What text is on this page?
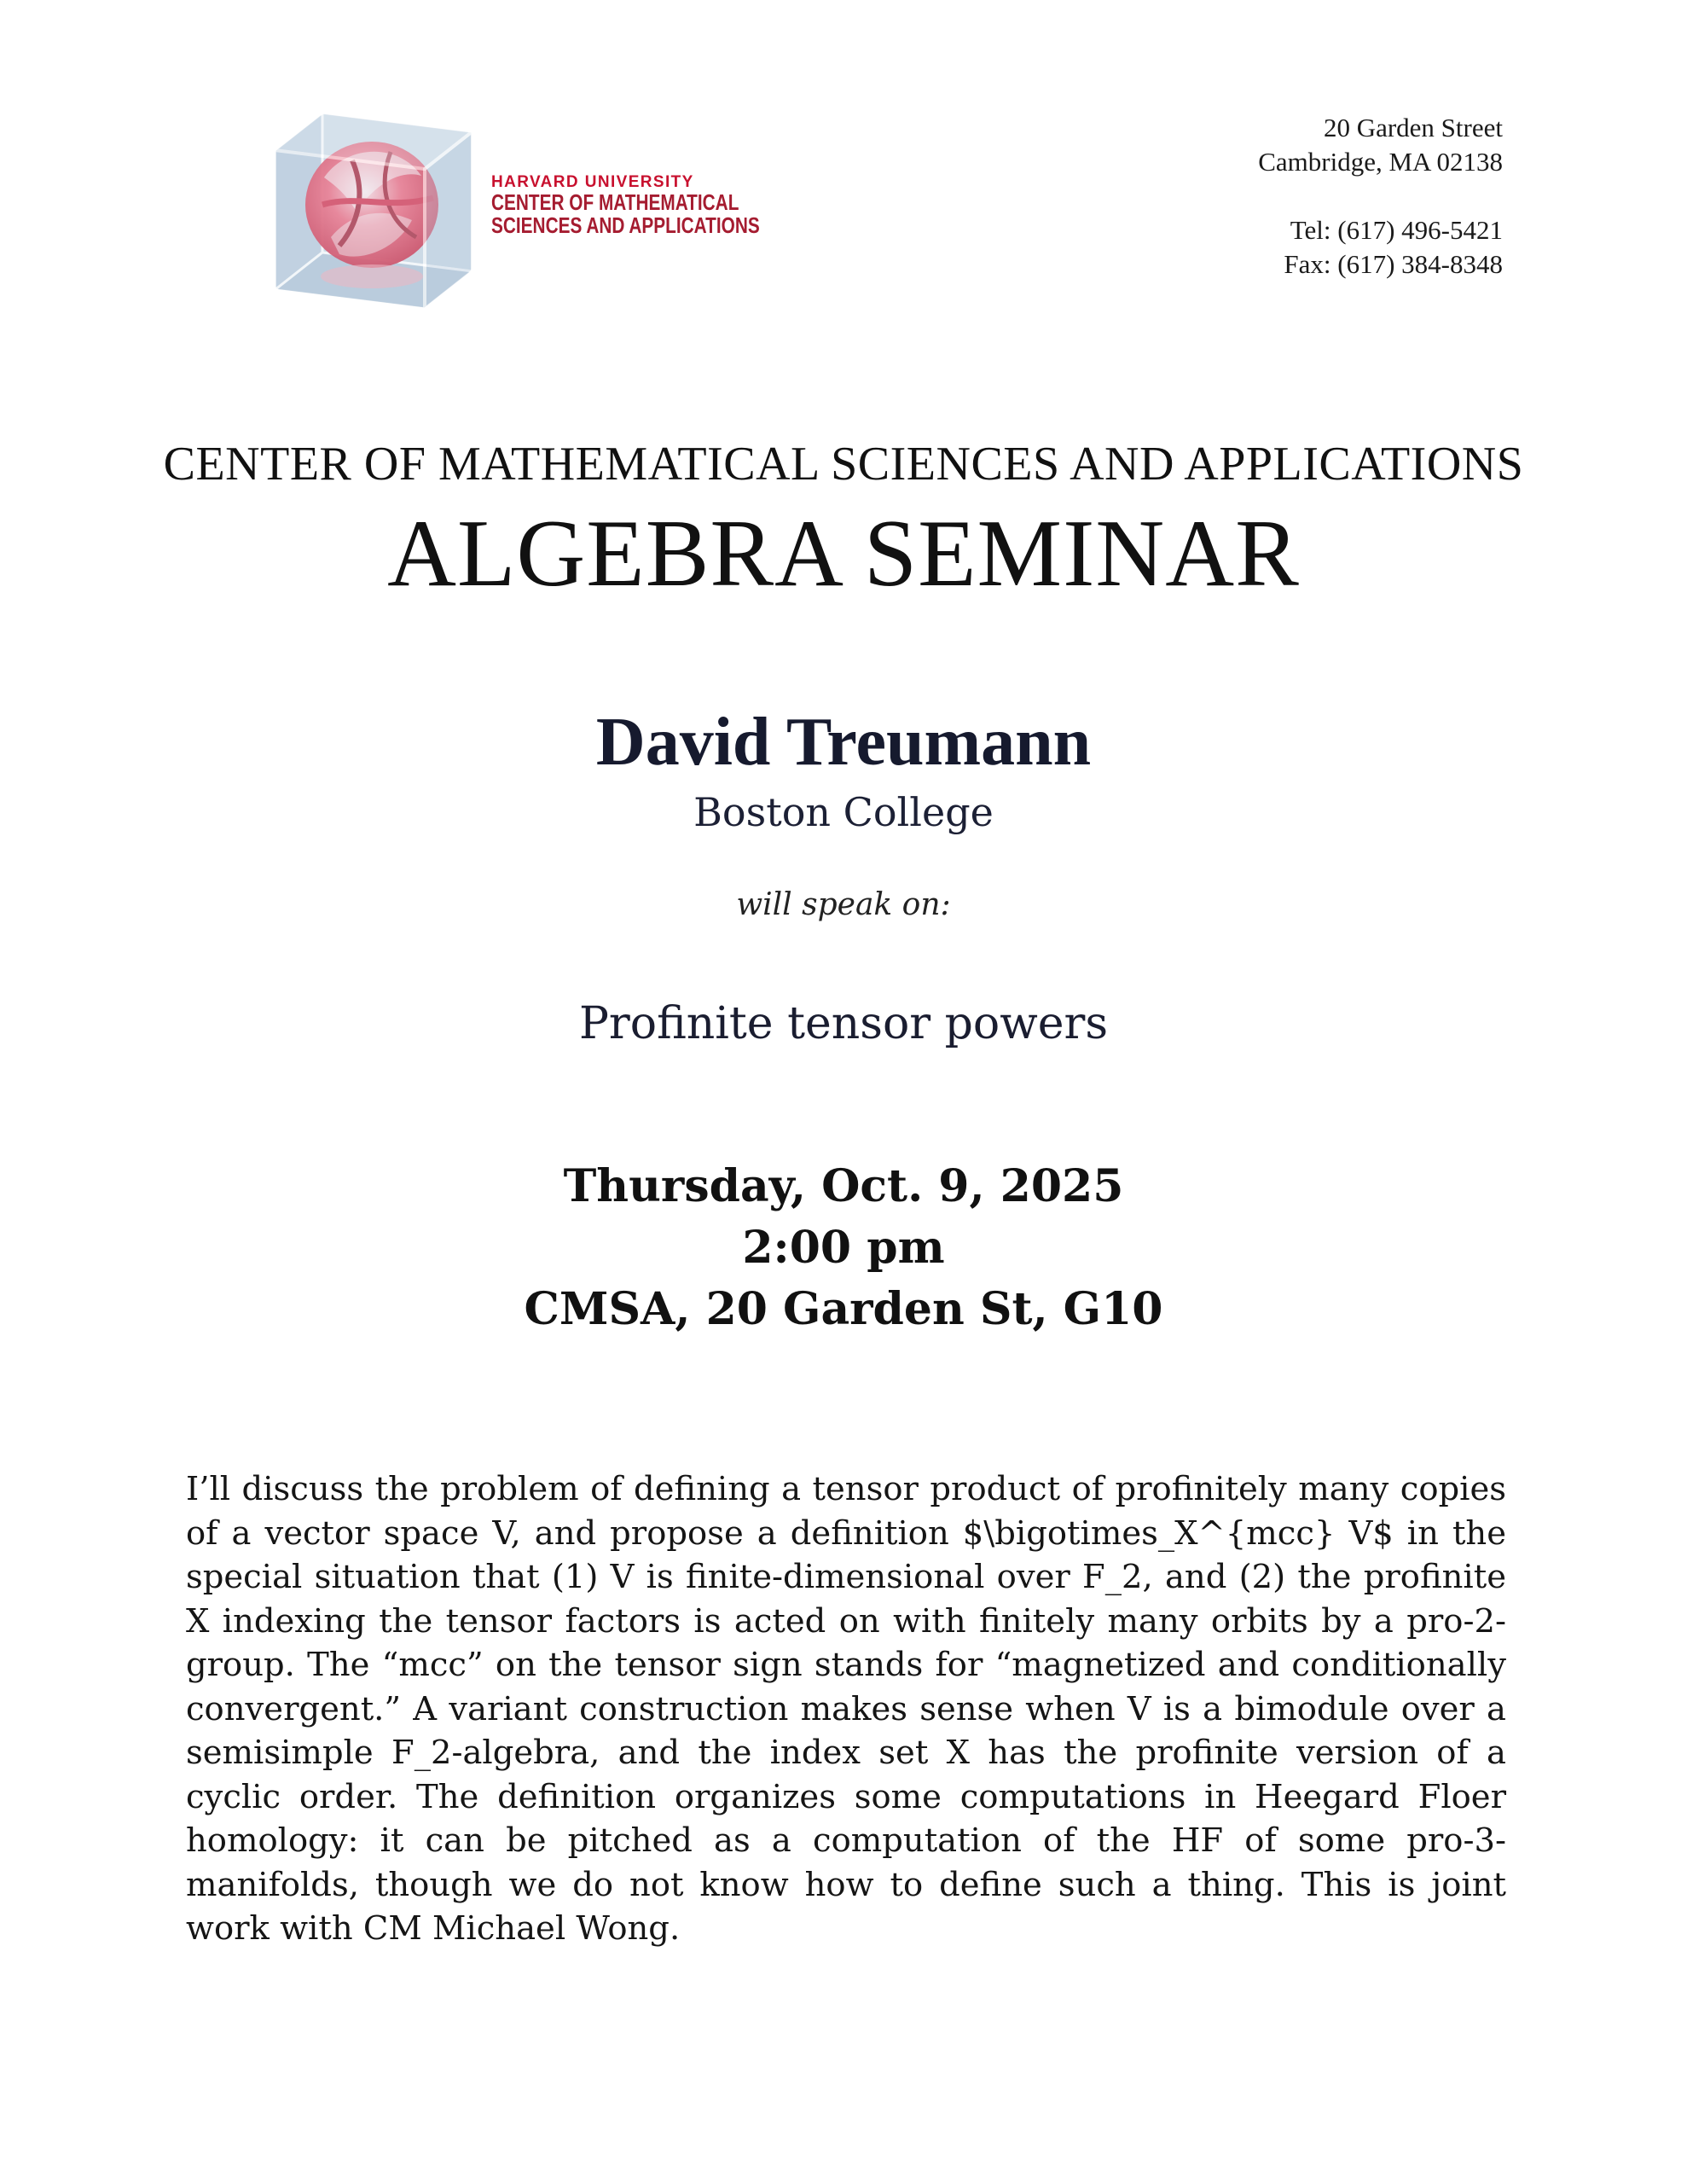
HARVARD UNIVERSITY
CENTER OF MATHEMATICAL
SCIENCES AND APPLICATIONS
20 Garden Street
Cambridge, MA 02138
Tel: (617) 496-5421
Fax: (617) 384-8348
CENTER OF MATHEMATICAL SCIENCES AND APPLICATIONS
ALGEBRA SEMINAR
David Treumann
Boston College
will speak on:
Profinite tensor powers
Thursday, Oct. 9, 2025
2:00 pm
CMSA, 20 Garden St, G10
I’ll discuss the problem of defining a tensor product of profinitely many copies of a vector space V, and propose a definition $\bigotimes_X^{mcc} V$ in the special situation that (1) V is finite-dimensional over F_2, and (2) the profinite X indexing the tensor factors is acted on with finitely many orbits by a pro-2-group. The “mcc” on the tensor sign stands for “magnetized and conditionally convergent.” A variant construction makes sense when V is a bimodule over a semisimple F_2-algebra, and the index set X has the profinite version of a cyclic order. The definition organizes some computations in Heegard Floer homology: it can be pitched as a computation of the HF of some pro-3-manifolds, though we do not know how to define such a thing. This is joint work with CM Michael Wong.
